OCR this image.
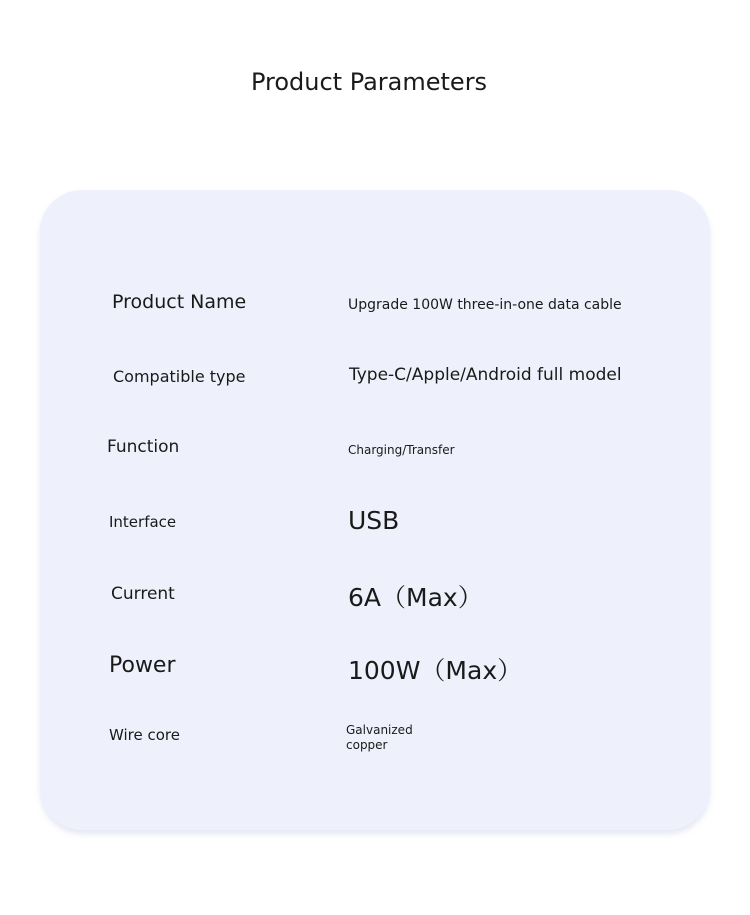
Product Parameters
Product Name	Upgrade 100W three-in-one data cable
Compatible type	Type-C/Apple/Android full model
Function	Charging/Transfer
Interface	USB
Current	6A（Max）
Power	100W（Max）
Wire core	Galvanized
copper
